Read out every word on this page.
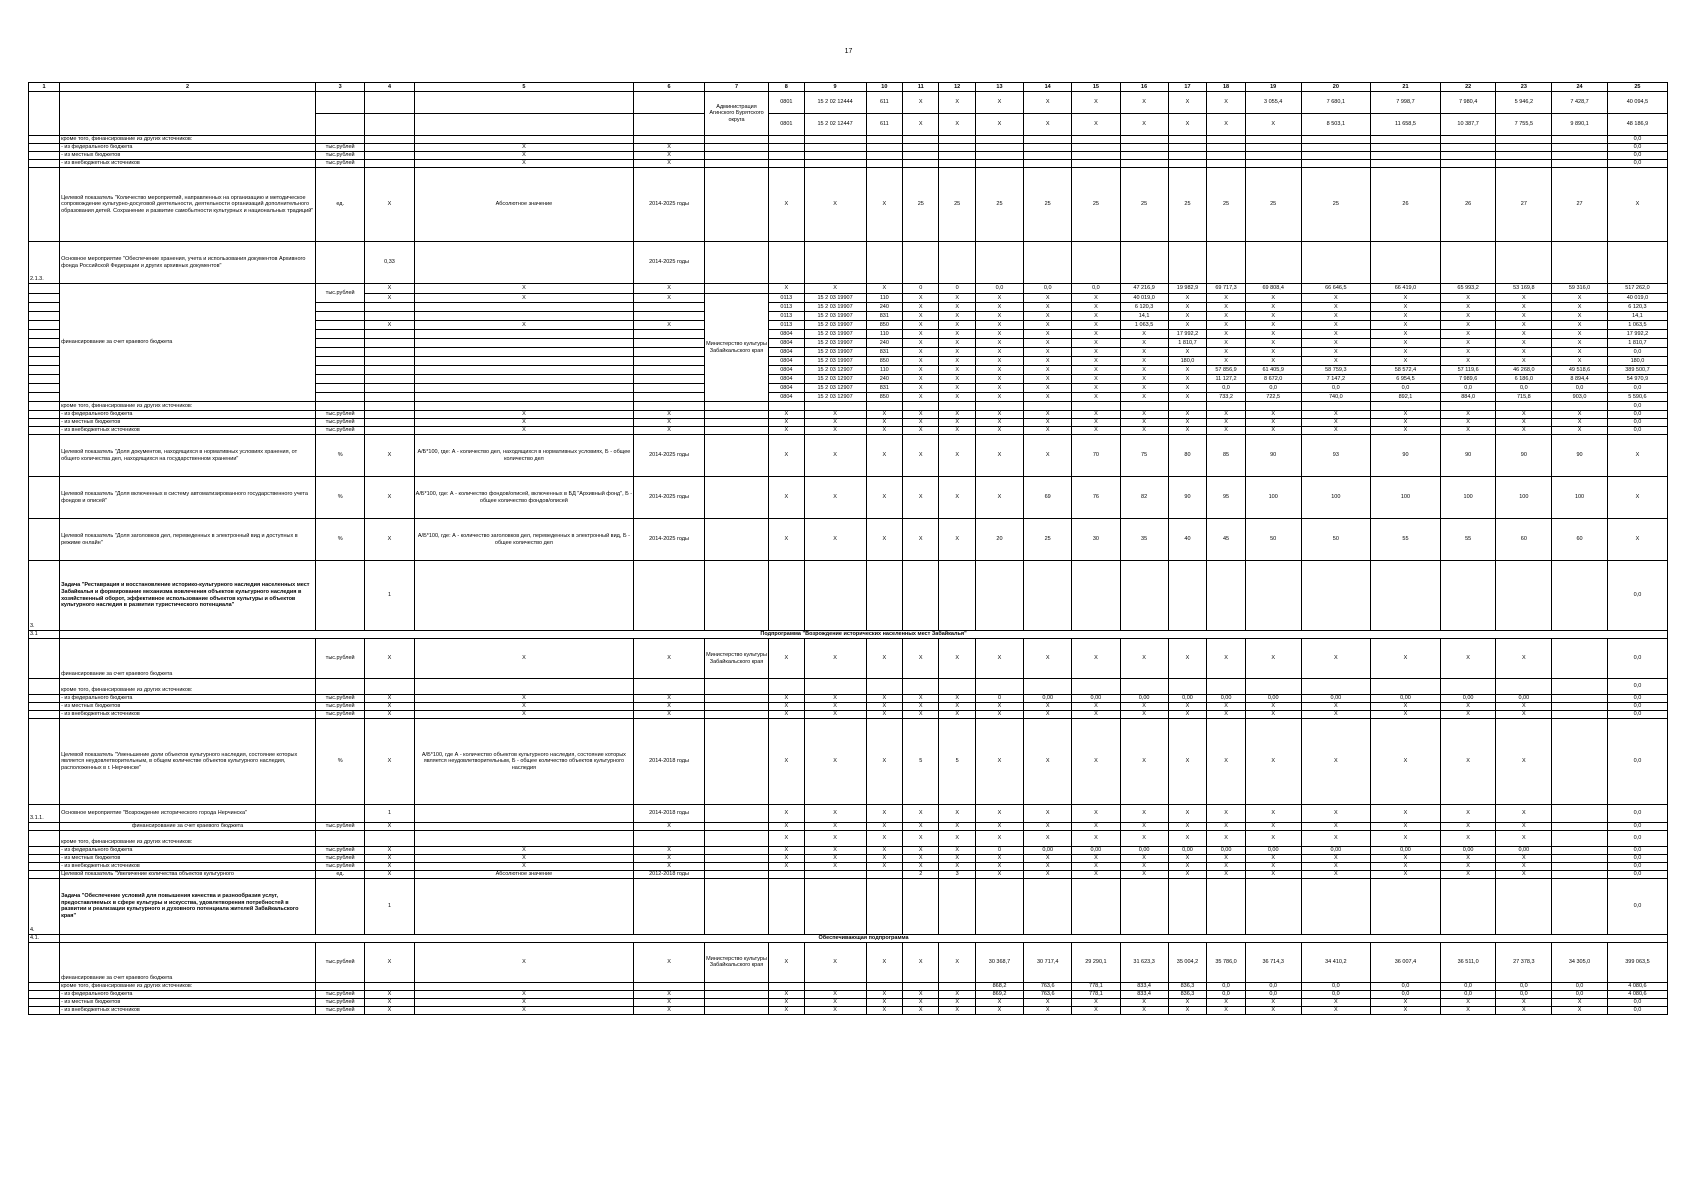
17
1	2	3	4	5	6	7	8	9	10	11	12	13	14	15	16	17	18	19	20	21	22	23	24	25
						Администрация Агинского Бурятского округа	0801	15 2 02 12444	611	X	X	X	X	X	X	X	X	3 055,4	7 680,1	7 998,7	7 980,4	5 946,2	7 428,7	40 094,5
							0801	15 2 02 12447	611	X	X	X	X	X	X	X	X	X	8 503,1	11 658,5	10 387,7	7 755,5	9 890,1	48 186,9
	кроме того, финансирование из других источников:																							0,0
	- из федерального бюджета	тыс.рублей		X	X																			0,0
	- из местных бюджетов	тыс.рублей		X	X																			0,0
	- из внебюджетных источников	тыс.рублей		X	X																			0,0
	Целевой показатель "Количество мероприятий, направленных на организацию и методическое сопровождение культурно-досуговой деятельности, деятельности организаций дополнительного образования детей. Сохранение и развитие самобытности культурных и национальных традиций"	ед.	X	Абсолютное значение	2014-2025 годы		X	X	X	25	25	25	25	25	25	25	25	25	25	26	26	27	27	X
2.1.3.	Основное мероприятие "Обеспечение хранения, учета и использования документов Архивного фонда Российской Федерации и других архивных документов"		0,33		2014-2025 годы																			
	финансирование за счет краевого бюджета	тыс.рублей	X	X	X		X	X	X	0	0	0,0	0,0	0,0	47 216,9	19 982,9	69 717,3	69 808,4	66 646,5	66 419,0	65 993,2	53 169,8	59 316,0	517 262,0
			X	X	X	Министерство культуры Забайкальского края	0113	15 2 03 19907	110	X	X	X	X	X	40 019,0	X	X	X	X	X	X	X	X	40 019,0
							0113	15 2 03 19907	240	X	X	X	X	X	6 120,3	X	X	X	X	X	X	X	X	6 120,3
							0113	15 2 03 19907	831	X	X	X	X	X	14,1	X	X	X	X	X	X	X	X	14,1
			X	X	X		0113	15 2 03 19907	850	X	X	X	X	X	1 063,5	X	X	X	X	X	X	X	X	1 063,5
							0804	15 2 03 19907	110	X	X	X	X	X	X	17 992,2	X	X	X	X	X	X	X	17 992,2
							0804	15 2 03 19907	240	X	X	X	X	X	X	1 810,7	X	X	X	X	X	X	X	1 810,7
							0804	15 2 03 19907	831	X	X	X	X	X	X	X	X	X	X	X	X	X	X	0,0
							0804	15 2 03 19907	850	X	X	X	X	X	X	180,0	X	X	X	X	X	X	X	180,0
							0804	15 2 03 12907	110	X	X	X	X	X	X	X	57 856,9	61 405,9	58 759,3	58 572,4	57 119,6	46 268,0	49 518,6	389 500,7
							0804	15 2 03 12907	240	X	X	X	X	X	X	X	11 127,2	8 672,0	7 147,2	6 954,5	7 989,6	6 186,0	8 894,4	54 970,9
							0804	15 2 03 12907	831	X	X	X	X	X	X	X	0,0	0,0	0,0	0,0	0,0	0,0	0,0	0,0
							0804	15 2 03 12907	850	X	X	X	X	X	X	X	733,2	722,5	740,0	892,1	884,0	715,8	903,0	5 590,6
	кроме того, финансирование из других источников:																							0,0
	- из федерального бюджета	тыс.рублей		X	X		X	X	X	X	X	X	X	X	X	X	X	X	X	X	X	X	X	0,0
	- из местных бюджетов	тыс.рублей		X	X		X	X	X	X	X	X	X	X	X	X	X	X	X	X	X	X	X	0,0
	- из внебюджетных источников	тыс.рублей		X	X		X	X	X	X	X	X	X	X	X	X	X	X	X	X	X	X	X	0,0
	Целевой показатель "Доля документов, находящихся в нормативных условиях хранения, от общего количества дел, находящихся на государственном хранении"	%	X	А/Б*100, где: А - количество дел, находящихся в нормативных условиях, Б - общее количество дел	2014-2025 годы		X	X	X	X	X	X	X	70	75	80	85	90	93	90	90	90	90	X
	Целевой показатель "Доля включенных в систему автоматизированного государственного учета фондов и описей"	%	X	А/Б*100, где: А - количество фондов/описей, включенных в БД "Архивный фонд", Б - общее количество фондов/описей	2014-2025 годы		X	X	X	X	X	X	69	76	82	90	95	100	100	100	100	100	100	X
	Целевой показатель "Доля заголовков дел, переведенных в электронный вид и доступных в режиме онлайн"	%	X	А/Б*100, где: А - количество заголовков дел, переведенных в электронный вид, Б - общее количество дел	2014-2025 годы		X	X	X	X	X	20	25	30	35	40	45	50	50	55	55	60	60	X
3.	Задача "Реставрация и восстановление историко-культурного наследия населенных мест Забайкалья и формирование механизма вовлечения объектов культурного наследия в хозяйственный оборот, эффективное использование объектов культуры и объектов культурного наследия в развитии туристического потенциала"		1																					0,0
3.1	Подпрограмма "Возрождение исторических населенных мест Забайкалья"																							
	финансирование за счет краевого бюджета	тыс.рублей	X	X	X	Министерство культуры Забайкальского края	X	X	X	X	X	X	X	X	X	X	X	X	X	X	X	X		0,0
	кроме того, финансирование из других источников:																							0,0
	- из федерального бюджета	тыс.рублей	X	X	X		X	X	X	X	X	0	0,00	0,00	0,00	0,00	0,00	0,00	0,00	0,00	0,00	0,00		0,0
	- из местных бюджетов	тыс.рублей	X	X	X		X	X	X	X	X	X	X	X	X	X	X	X	X	X	X	X		0,0
	- из внебюджетных источников	тыс.рублей	X	X	X		X	X	X	X	X	X	X	X	X	X	X	X	X	X	X	X		0,0
	Целевой показатель "Уменьшение доли объектов культурного наследия, состояние которых является неудовлетворительным, в общем количестве объектов культурного наследия, расположенных в г. Нерчинске"	%	X	А/Б*100, где А - количество объектов культурного наследия, состояние которых является неудовлетворительным, Б - общее количество объектов культурного наследия	2014-2018 годы		X	X	X	5	5	X	X	X	X	X	X	X	X	X	X	X		0,0
3.1.1.	Основное мероприятие "Возрождение исторического города Нерчинска"		1		2014-2018 годы		X	X	X	X	X	X	X	X	X	X	X	X	X	X	X	X		0,0
	финансирование за счет краевого бюджета	тыс.рублей	X		X		X	X	X	X	X	X	X	X	X	X	X	X	X	X	X	X		0,0
	кроме того, финансирование из других источников:						X	X	X	X	X	X	X	X	X	X	X	X	X	X	X	X		0,0
	- из федерального бюджета	тыс.рублей	X	X	X		X	X	X	X	X	0	0,00	0,00	0,00	0,00	0,00	0,00	0,00	0,00	0,00	0,00		0,0
	- из местных бюджетов	тыс.рублей	X	X	X		X	X	X	X	X	X	X	X	X	X	X	X	X	X	X	X		0,0
	- из внебюджетных источников	тыс.рублей	X	X	X		X	X	X	X	X	X	X	X	X	X	X	X	X	X	X	X		0,0
	Целевой показатель "Увеличение количества объектов культурного	ед.	X	Абсолютное значение	2012-2018 годы					2	3	X	X	X	X	X	X	X	X	X	X	X		0,0
4.	Задача "Обеспечение условий для повышения качества и разнообразия услуг, предоставляемых в сфере культуры и искусства, удовлетворения потребностей в развитии и реализации культурного и духовного потенциала жителей Забайкальского края"		1																					0,0
4.1.	Обеспечивающая подпрограмма																							
	финансирование за счет краевого бюджета	тыс.рублей	X	X	X	Министерство культуры Забайкальского края	X	X	X	X	X	30 368,7	30 717,4	29 290,1	31 623,3	35 004,2	35 786,0	36 714,3	34 410,2	36 007,4	36 511,0	27 378,3	34 305,0	399 063,5
	кроме того, финансирование из других источников:											868,2	763,6	778,1	833,4	836,3	0,0	0,0	0,0	0,0	0,0	0,0	0,0	4 080,6
	- из федерального бюджета	тыс.рублей	X	X	X		X	X	X	X	X	869,2	763,6	778,1	833,4	836,3	0,0	0,0	0,0	0,0	0,0	0,0	0,0	4 080,6
	- из местных бюджетов	тыс.рублей	X	X	X		X	X	X	X	X	X	X	X	X	X	X	X	X	X	X	X	X	0,0
	- из внебюджетных источников	тыс.рублей	X	X	X		X	X	X	X	X	X	X	X	X	X	X	X	X	X	X	X	X	0,0
